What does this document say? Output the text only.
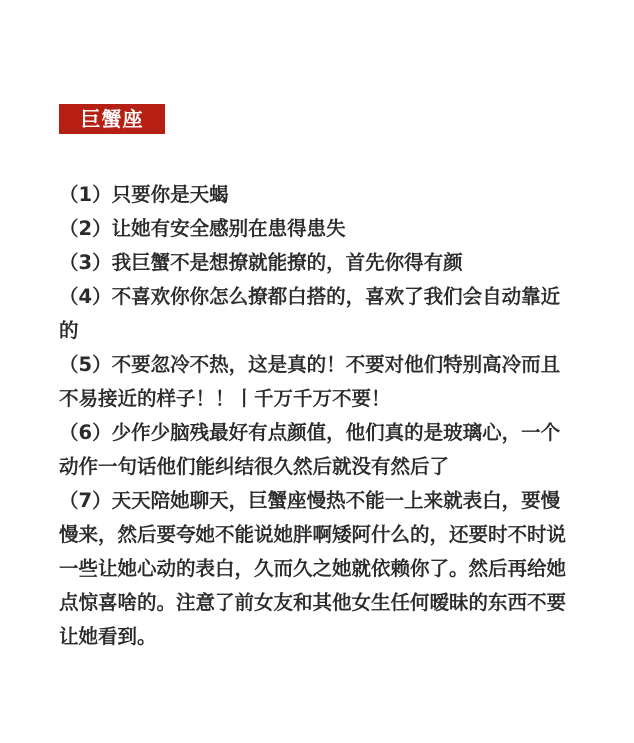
巨蟹座

（1）只要你是天蝎

（2）让她有安全感别在患得患失

（3）我巨蟹不是想撩就能撩的，首先你得有颜

（4）不喜欢你你怎么撩都白搭的，喜欢了我们会自动靠近的

（5）不要忽冷不热，这是真的！不要对他们特别高冷而且不易接近的样子！！丨千万千万不要！

（6）少作少脑残最好有点颜值，他们真的是玻璃心，一个动作一句话他们能纠结很久然后就没有然后了

（7）天天陪她聊天，巨蟹座慢热不能一上来就表白，要慢慢来，然后要夸她不能说她胖啊矮阿什么的，还要时不时说一些让她心动的表白，久而久之她就依赖你了。然后再给她点惊喜啥的。注意了前女友和其他女生任何暧昧的东西不要让她看到。
